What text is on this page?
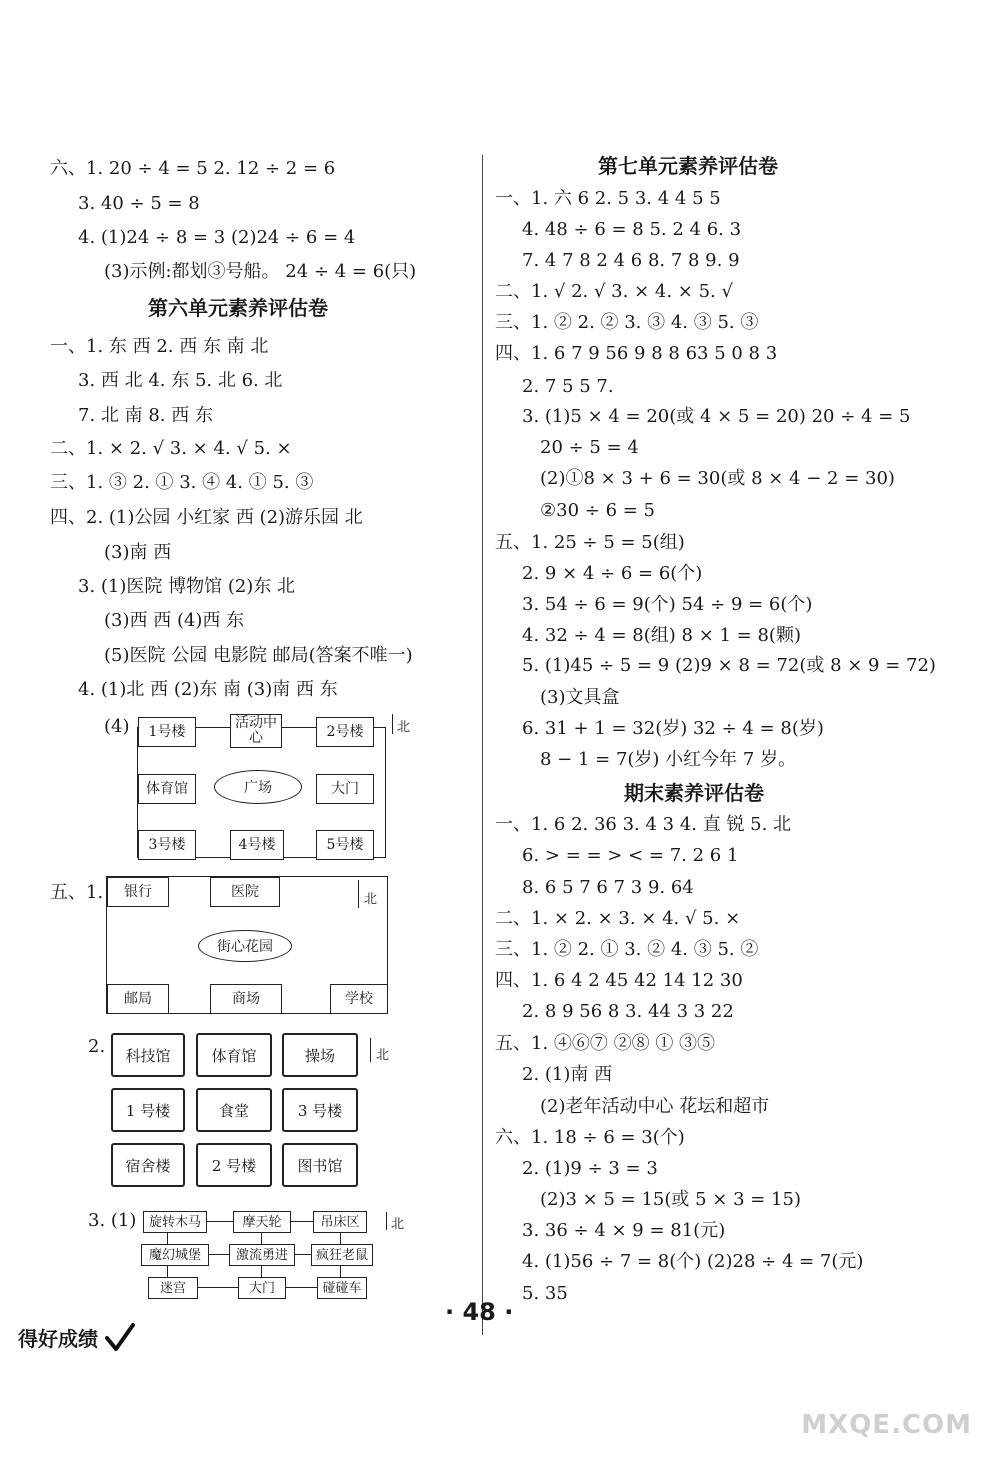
六、1. 20 ÷ 4 = 5 2. 12 ÷ 2 = 6
3. 40 ÷ 5 = 8
4. (1)24 ÷ 8 = 3 (2)24 ÷ 6 = 4
(3)示例:都划③号船。 24 ÷ 4 = 6(只)
第六单元素养评估卷
一、1. 东 西 2. 西 东 南 北
3. 西 北 4. 东 5. 北 6. 北
7. 北 南 8. 西 东
二、1. × 2. √ 3. × 4. √ 5. ×
三、1. ③ 2. ① 3. ④ 4. ① 5. ③
四、2. (1)公园 小红家 西 (2)游乐园 北
(3)南 西
3. (1)医院 博物馆 (2)东 北
(3)西 西 (4)西 东
(5)医院 公园 电影院 邮局(答案不唯一)
4. (1)北 西 (2)东 南 (3)南 西 东
(4)	1号楼
活动中心	2号楼
体育馆	广场	大门
3号楼	4号楼	5号楼
北
五、1.	银行	医院
街心花园
邮局	商场	学校
北
2.	科技馆	体育馆	操场
1 号楼	食堂	3 号楼
宿舍楼	2 号楼	图书馆
北
3. (1) 旋转木马	摩天轮	吊床区
魔幻城堡	激流勇进	疯狂老鼠
迷宫	大门	碰碰车
北
第七单元素养评估卷
一、1. 六 6 2. 5 3. 4 4 5 5
4. 48 ÷ 6 = 8 5. 2 4 6. 3
7. 4 7 8 2 4 6 8. 7 8 9. 9
二、1. √ 2. √ 3. × 4. × 5. √
三、1. ② 2. ② 3. ③ 4. ③ 5. ③
四、1. 6 7 9 56 9 8 8 63 5 0 8 3
2. 7 5 5 7.
3. (1)5 × 4 = 20(或 4 × 5 = 20) 20 ÷ 4 = 5
20 ÷ 5 = 4
(2)①8 × 3 + 6 = 30(或 8 × 4 − 2 = 30)
②30 ÷ 6 = 5
五、1. 25 ÷ 5 = 5(组)
2. 9 × 4 ÷ 6 = 6(个)
3. 54 ÷ 6 = 9(个) 54 ÷ 9 = 6(个)
4. 32 ÷ 4 = 8(组) 8 × 1 = 8(颗)
5. (1)45 ÷ 5 = 9 (2)9 × 8 = 72(或 8 × 9 = 72)
(3)文具盒
6. 31 + 1 = 32(岁) 32 ÷ 4 = 8(岁)
8 − 1 = 7(岁) 小红今年 7 岁。
期末素养评估卷
一、1. 6 2. 36 3. 4 3 4. 直 锐 5. 北
6. > = = > < = 7. 2 6 1
8. 6 5 7 6 7 3 9. 64
二、1. × 2. × 3. × 4. √ 5. ×
三、1. ② 2. ① 3. ② 4. ③ 5. ②
四、1. 6 4 2 45 42 14 12 30
2. 8 9 56 8 3. 44 3 3 22
五、1. ④⑥⑦ ②⑧ ① ③⑤
2. (1)南 西
(2)老年活动中心 花坛和超市
六、1. 18 ÷ 6 = 3(个)
2. (1)9 ÷ 3 = 3
(2)3 × 5 = 15(或 5 × 3 = 15)
3. 36 ÷ 4 × 9 = 81(元)
4. (1)56 ÷ 7 = 8(个) (2)28 ÷ 4 = 7(元)
5. 35
· 48 ·
得好成绩
MXQE.COM
